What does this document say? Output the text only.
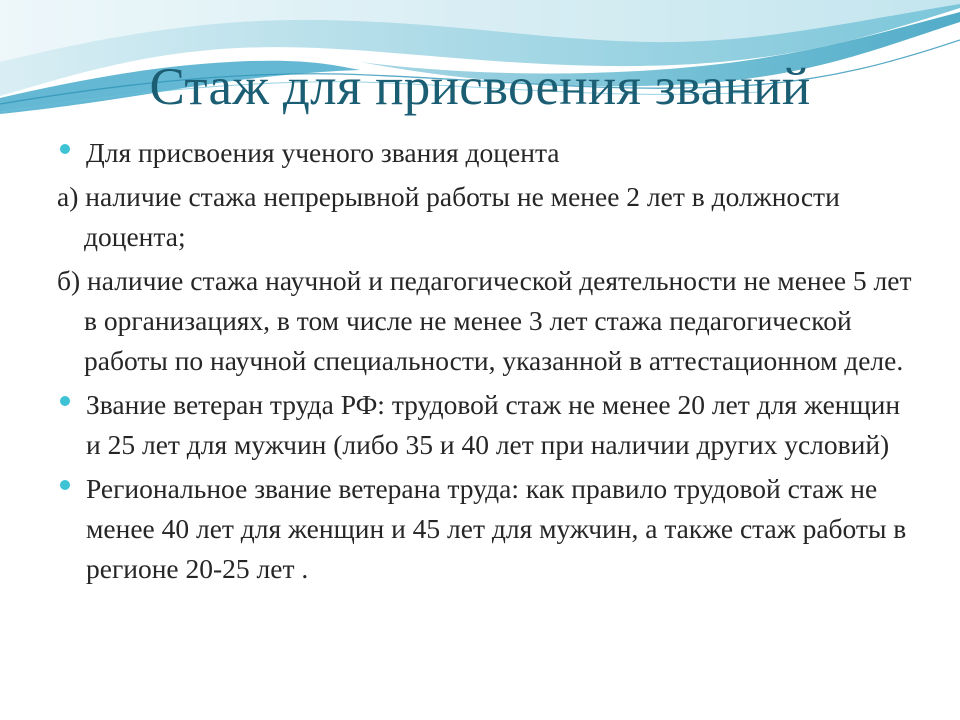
Стаж для присвоения званий

Для присвоения ученого звания доцента

а) наличие стажа непрерывной работы не менее 2 лет в должности доцента;

б) наличие стажа научной и педагогической деятельности не менее 5 лет в организациях, в том числе не менее 3 лет стажа педагогической работы по научной специальности, указанной в аттестационном деле.

Звание ветеран труда РФ: трудовой стаж не менее 20 лет для женщин и 25 лет для мужчин (либо 35 и 40 лет при наличии других условий)

Региональное звание ветерана труда: как правило трудовой стаж не менее 40 лет для женщин и 45 лет для мужчин, а также стаж работы в регионе 20-25 лет .
